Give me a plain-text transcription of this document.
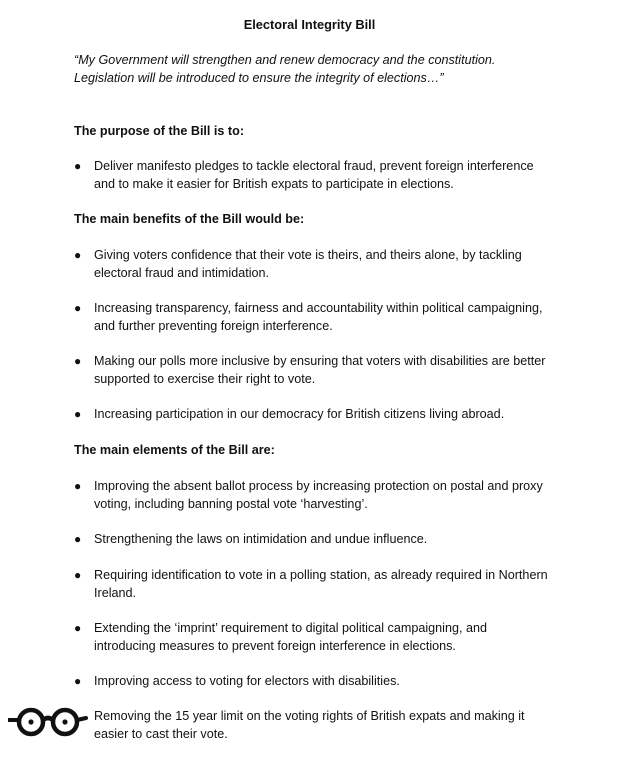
Electoral Integrity Bill
“My Government will strengthen and renew democracy and the constitution.
Legislation will be introduced to ensure the integrity of elections…”
The purpose of the Bill is to:
● Deliver manifesto pledges to tackle electoral fraud, prevent foreign interference
and to make it easier for British expats to participate in elections.
The main benefits of the Bill would be:
● Giving voters confidence that their vote is theirs, and theirs alone, by tackling
electoral fraud and intimidation.
● Increasing transparency, fairness and accountability within political campaigning,
and further preventing foreign interference.
● Making our polls more inclusive by ensuring that voters with disabilities are better
supported to exercise their right to vote.
● Increasing participation in our democracy for British citizens living abroad.
The main elements of the Bill are:
● Improving the absent ballot process by increasing protection on postal and proxy
voting, including banning postal vote ‘harvesting’.
● Strengthening the laws on intimidation and undue influence.
● Requiring identification to vote in a polling station, as already required in Northern
Ireland.
● Extending the ‘imprint’ requirement to digital political campaigning, and
introducing measures to prevent foreign interference in elections.
● Improving access to voting for electors with disabilities.
Removing the 15 year limit on the voting rights of British expats and making it
easier to cast their vote.
